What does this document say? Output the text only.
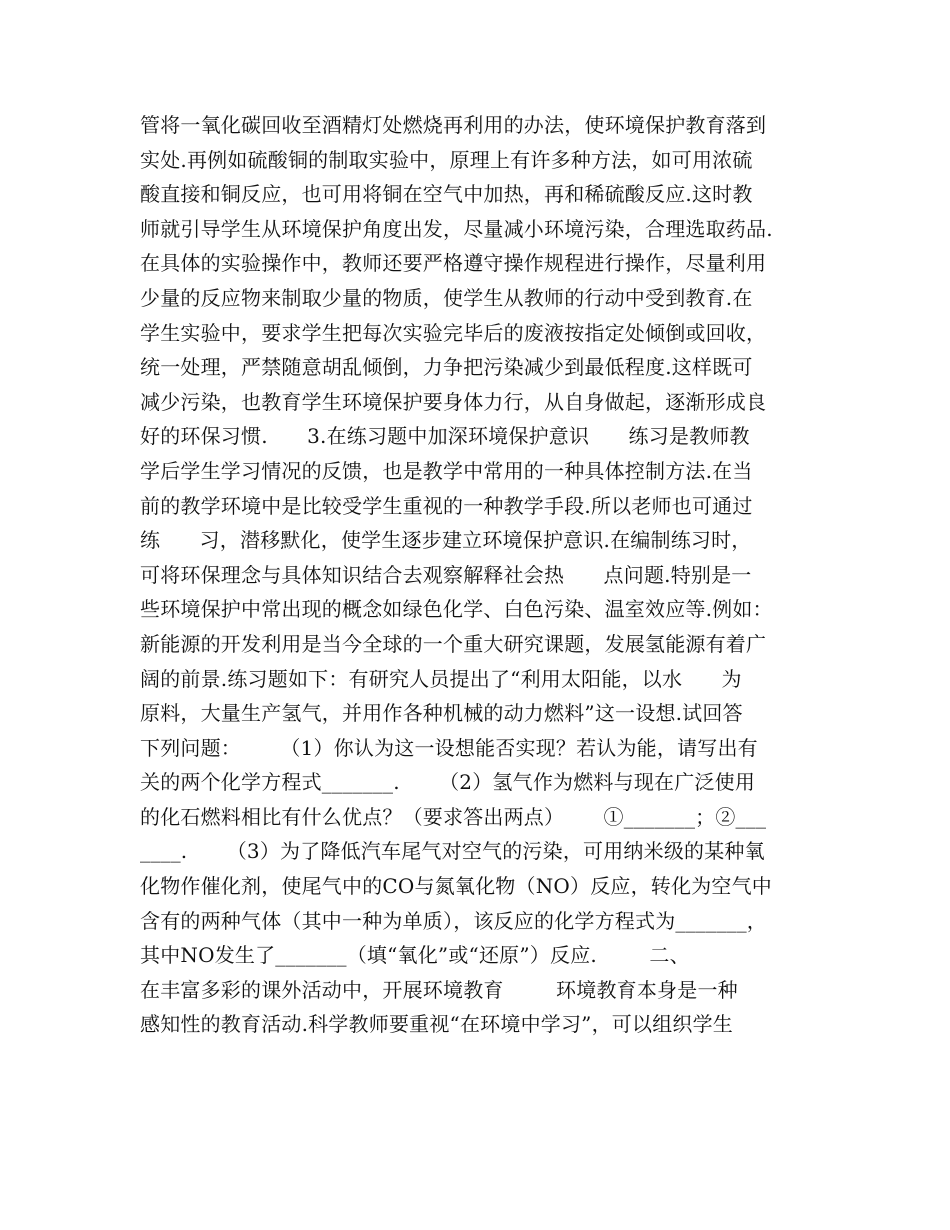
管将一氧化碳回收至酒精灯处燃烧再利用的办法，使环境保护教育落到
实处.再例如硫酸铜的制取实验中，原理上有许多种方法，如可用浓硫
酸直接和铜反应，也可用将铜在空气中加热，再和稀硫酸反应.这时教
师就引导学生从环境保护角度出发，尽量减小环境污染，合理选取药品.
在具体的实验操作中，教师还要严格遵守操作规程进行操作，尽量利用
少量的反应物来制取少量的物质，使学生从教师的行动中受到教育.在
学生实验中，要求学生把每次实验完毕后的废液按指定处倾倒或回收，
统一处理，严禁随意胡乱倾倒，力争把污染减少到最低程度.这样既可
减少污染，也教育学生环境保护要身体力行，从自身做起，逐渐形成良
好的环保习惯.      3.在练习题中加深环境保护意识      练习是教师教
学后学生学习情况的反馈，也是教学中常用的一种具体控制方法.在当
前的教学环境中是比较受学生重视的一种教学手段.所以老师也可通过
练      习，潜移默化，使学生逐步建立环境保护意识.在编制练习时，
可将环保理念与具体知识结合去观察解释社会热      点问题.特别是一
些环境保护中常出现的概念如绿色化学、白色污染、温室效应等.例如：
新能源的开发利用是当今全球的一个重大研究课题，发展氢能源有着广
阔的前景.练习题如下：有研究人员提出了“利用太阳能，以水      为
原料，大量生产氢气，并用作各种机械的动力燃料”这一设想.试回答
下列问题：      （1）你认为这一设想能否实现？若认为能，请写出有
关的两个化学方程式_______.      （2）氢气作为燃料与现在广泛使用
的化石燃料相比有什么优点？（要求答出两点）      ①_______；②___
____.      （3）为了降低汽车尾气对空气的污染，可用纳米级的某种氧
化物作催化剂，使尾气中的CO与氮氧化物（NO）反应，转化为空气中
含有的两种气体（其中一种为单质），该反应的化学方程式为_______，
其中NO发生了_______（填“氧化”或“还原”）反应.        二、
在丰富多彩的课外活动中，开展环境教育        环境教育本身是一种
感知性的教育活动.科学教师要重视“在环境中学习”，可以组织学生
